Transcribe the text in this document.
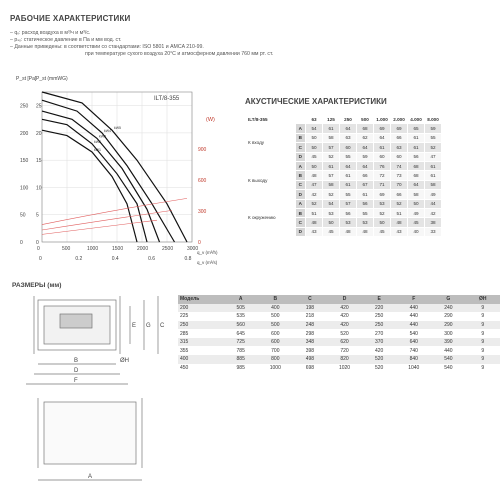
РАБОЧИЕ ХАРАКТЕРИСТИКИ
– qᵥ: расход воздуха в м³/ч и м³/с.
– pₛₓ: статическое давление в Па и мм вод. ст.
– Данные приведены: в соответствии со стандартами: ISO 5801 и AMCA 210-99.
при температуре сухого воздуха 20°C и атмосферном давлении 760 мм рт. ст.
P_st [Pa] P_st (mmWG)
ILT/8-355
(W)
q_v (m³/h)
q_v (m³/s)
0
50
100
150
200
250
0
5
10
15
20
25
0	500	1000	1500	2000	2500	3000
0	0.2	0.4	0.6	0.8
0
300
600
900
kW1
kW2
kW3
kW4
kW5
АКУСТИЧЕСКИЕ ХАРАКТЕРИСТИКИ
ILT/8-355		63	125	250	500	1.000	2.000	4.000	8.000
К входу	A	54	61	64	68	69	69	65	59
	B	50	58	63	62	64	66	61	55
	C	50	57	60	64	61	63	61	52
	D	45	52	55	59	60	60	56	47
К выходу	A	50	61	64	64	76	74	68	61
	B	48	57	61	66	72	73	68	61
	C	47	58	61	67	71	70	64	58
	D	42	52	55	61	69	66	58	49
К окружению	A	52	54	57	56	53	52	50	44
	B	51	53	56	55	52	51	49	42
	C	48	50	53	53	50	48	45	38
	D	43	45	48	48	45	43	40	33
РАЗМЕРЫ (мм)
B
D
F
E G C
ØH
A
Модель	A	B	C	D	E	F	G	ØH
200	505	400	198	420	220	440	240	9
225	535	500	218	420	250	440	290	9
250	560	500	248	420	250	440	290	9
285	645	600	298	520	270	540	300	9
315	725	600	348	620	370	640	390	9
355	785	700	398	720	420	740	440	9
400	885	800	498	820	520	840	540	9
450	985	1000	698	1020	520	1040	540	9
